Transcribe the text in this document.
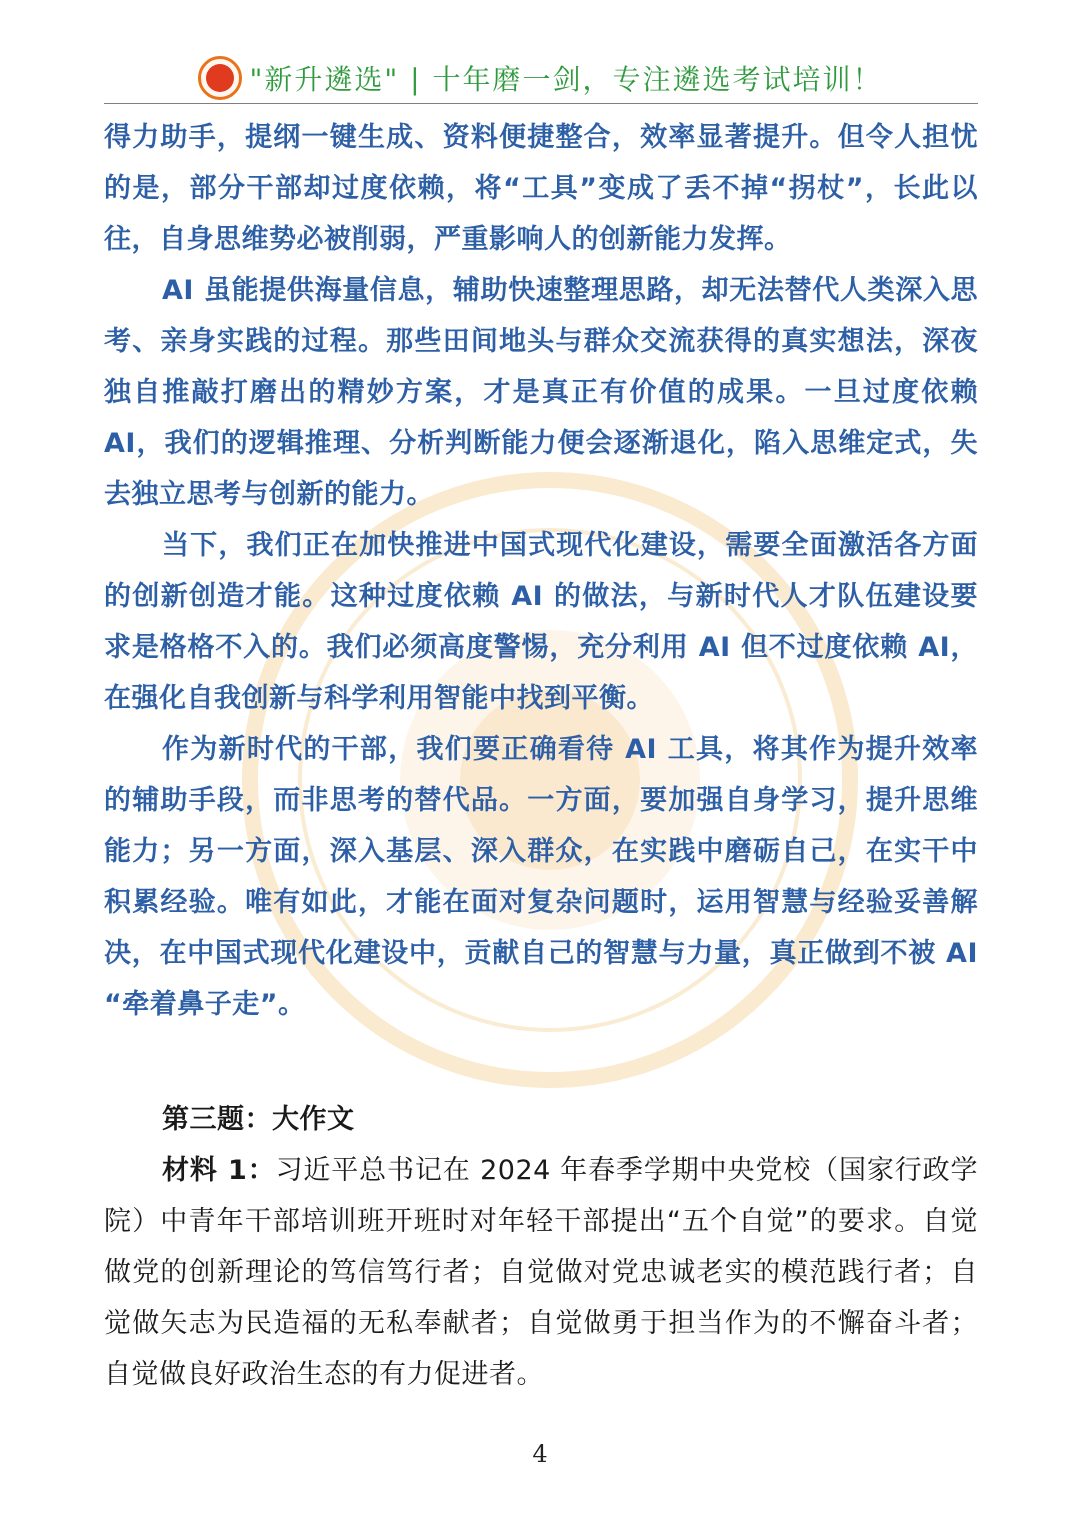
"新升遴选" | 十年磨一剑，专注遴选考试培训！

得力助手，提纲一键生成、资料便捷整合，效率显著提升。但令人担忧的是，部分干部却过度依赖，将“工具”变成了丢不掉“拐杖”，长此以往，自身思维势必被削弱，严重影响人的创新能力发挥。

AI 虽能提供海量信息，辅助快速整理思路，却无法替代人类深入思考、亲身实践的过程。那些田间地头与群众交流获得的真实想法，深夜独自推敲打磨出的精妙方案，才是真正有价值的成果。一旦过度依赖 AI，我们的逻辑推理、分析判断能力便会逐渐退化，陷入思维定式，失去独立思考与创新的能力。

当下，我们正在加快推进中国式现代化建设，需要全面激活各方面的创新创造才能。这种过度依赖 AI 的做法，与新时代人才队伍建设要求是格格不入的。我们必须高度警惕，充分利用 AI 但不过度依赖 AI，在强化自我创新与科学利用智能中找到平衡。

作为新时代的干部，我们要正确看待 AI 工具，将其作为提升效率的辅助手段，而非思考的替代品。一方面，要加强自身学习，提升思维能力；另一方面，深入基层、深入群众，在实践中磨砺自己，在实干中积累经验。唯有如此，才能在面对复杂问题时，运用智慧与经验妥善解决，在中国式现代化建设中，贡献自己的智慧与力量，真正做到不被 AI “牵着鼻子走”。

第三题：大作文

材料 1：习近平总书记在 2024 年春季学期中央党校（国家行政学院）中青年干部培训班开班时对年轻干部提出“五个自觉”的要求。自觉做党的创新理论的笃信笃行者；自觉做对党忠诚老实的模范践行者；自觉做矢志为民造福的无私奉献者；自觉做勇于担当作为的不懈奋斗者；自觉做良好政治生态的有力促进者。

4
